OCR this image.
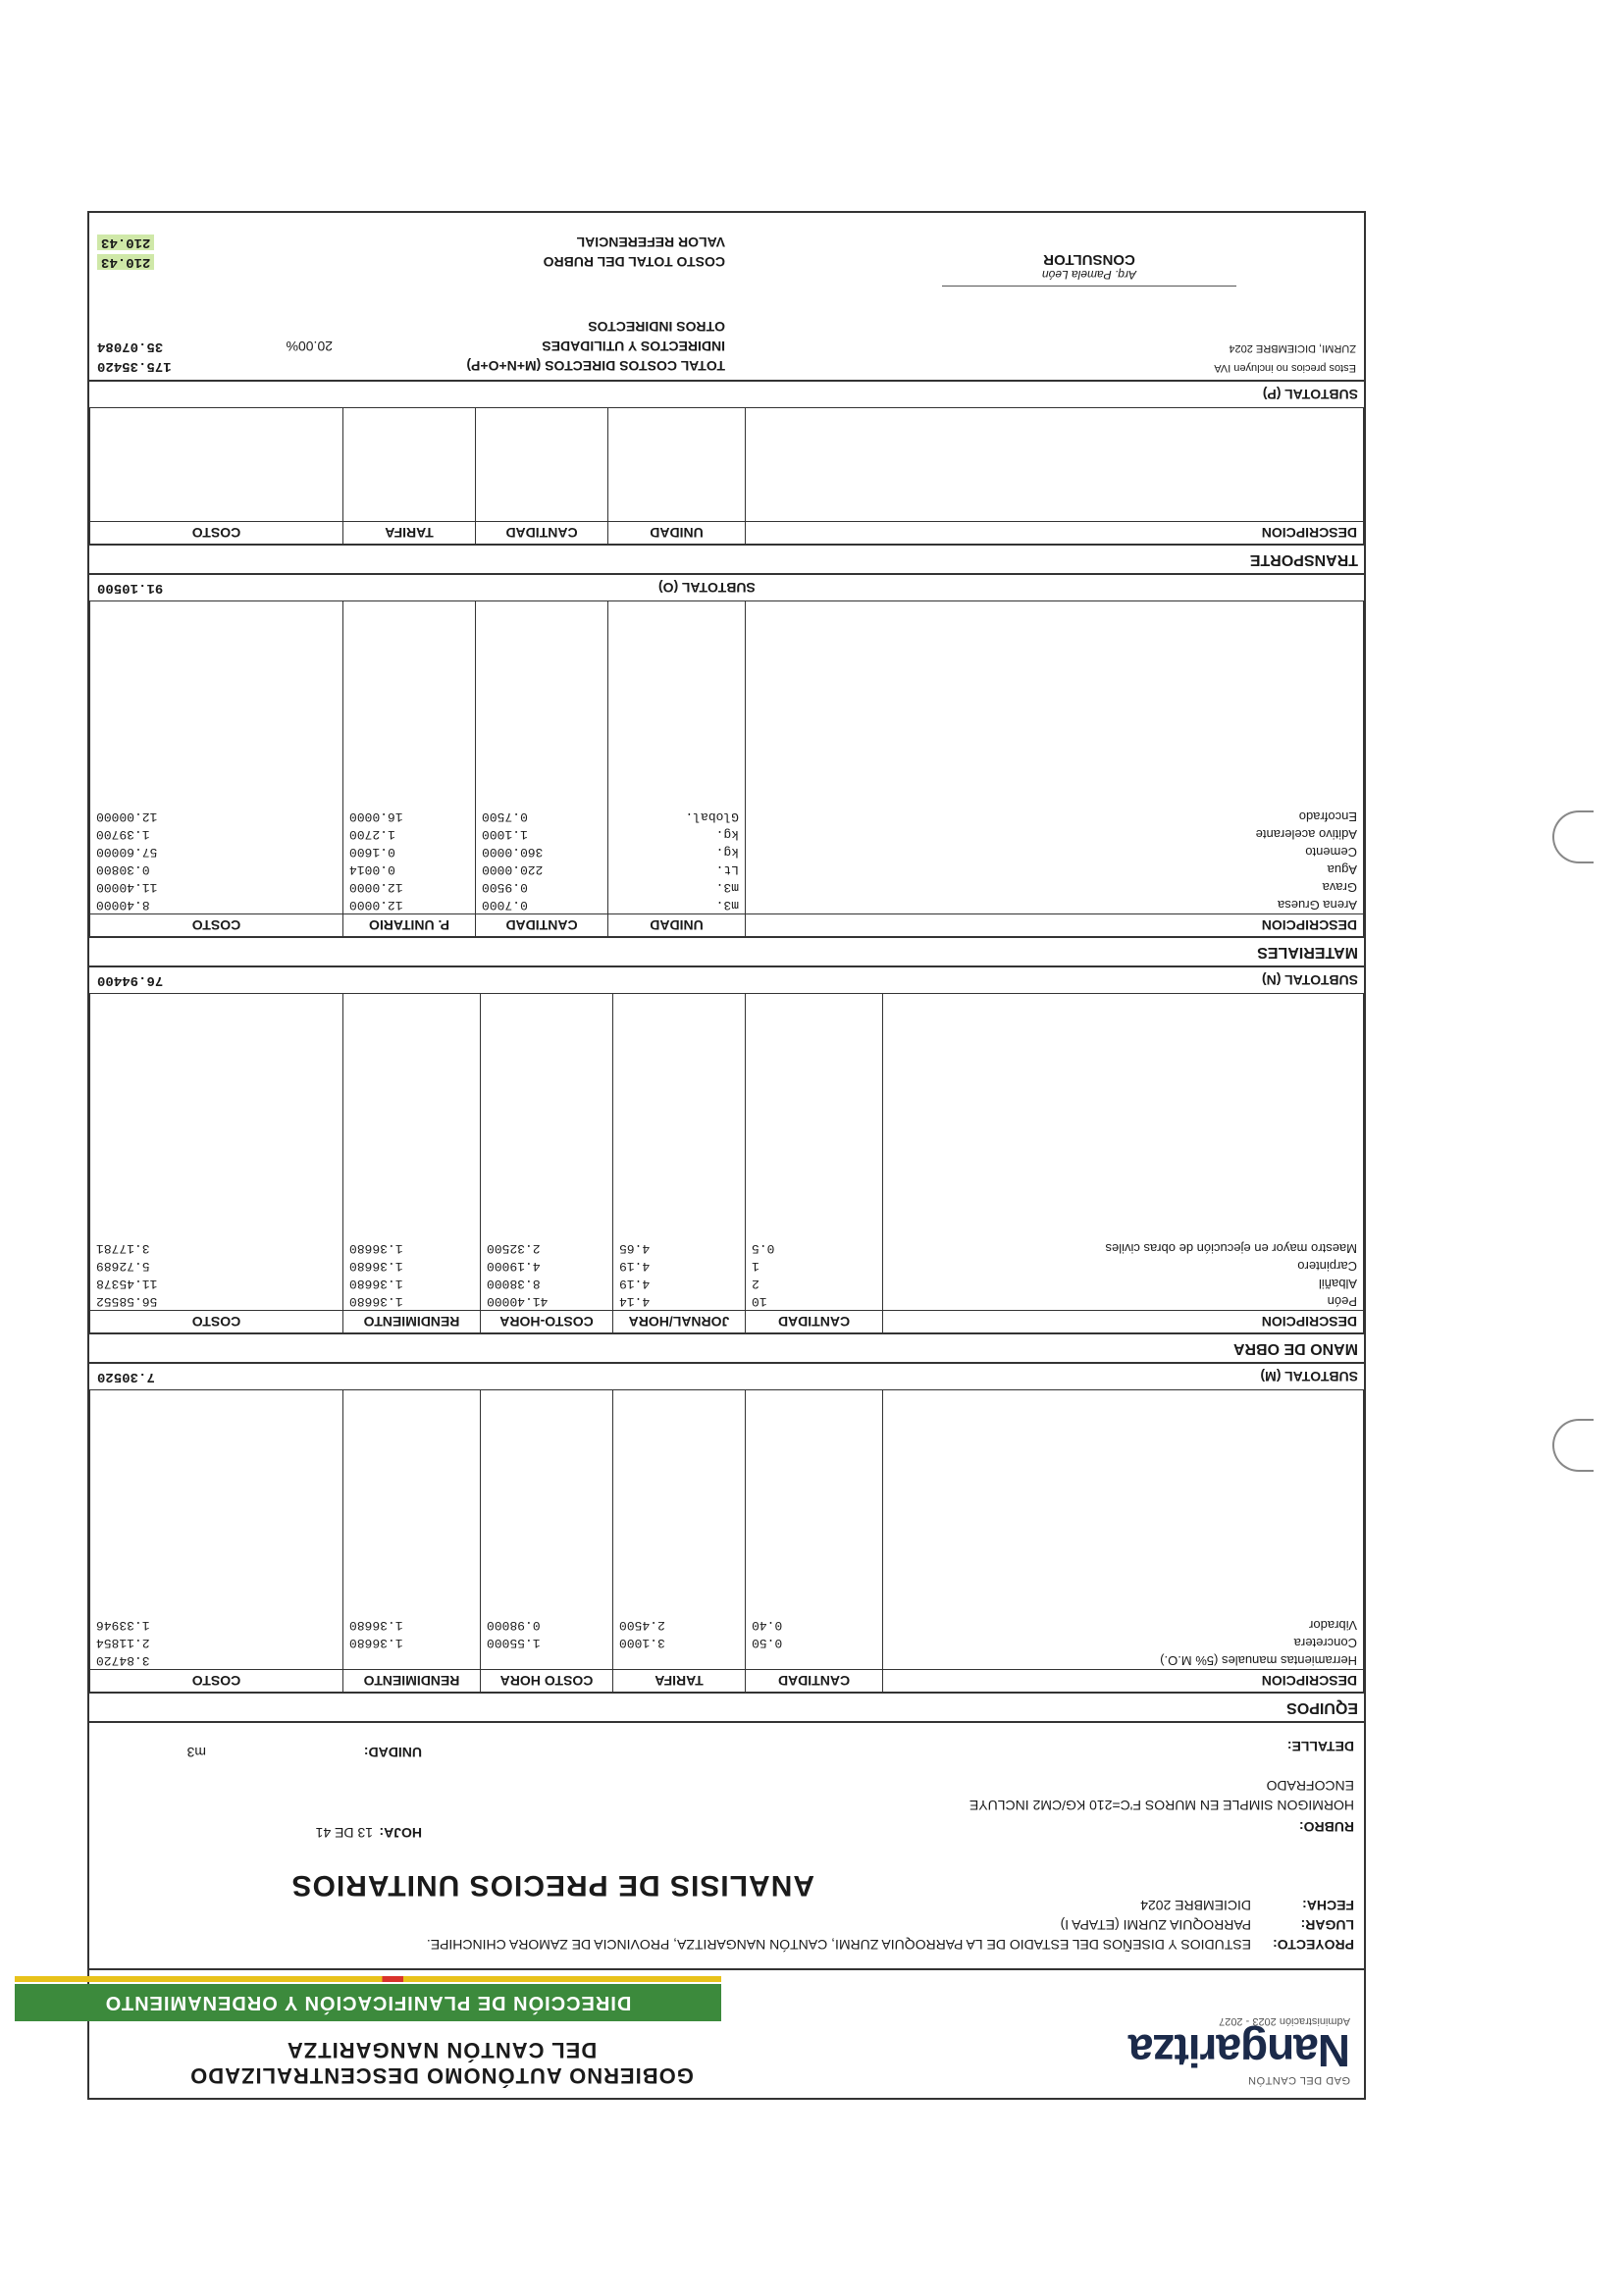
GAD DEL CANTÓN
Nangaritza
Administración 2023 - 2027
GOBIERNO AUTÓNOMO DESCENTRALIZADO
DEL CANTÓN NANGARITZA
DIRECCIÓN DE PLANIFICACIÓN Y ORDENAMIENTO
PROYECTO:
ESTUDIOS Y DISEÑOS DEL ESTADIO DE LA PARROQUIA ZURMI, CANTÓN NANGARITZA, PROVINCIA DE ZAMORA CHINCHIPE.
LUGAR:
PARROQUIA ZURMI (ETAPA I)
FECHA:
DICIEMBRE 2024
ANALISIS DE PRECIOS UNITARIOS
RUBRO:
HOJA:
13 DE 41
HORMIGON SIMPLE EN MUROS F'C=210 KG/CM2 INCLUYE
ENCOFRADO
DETALLE:
UNIDAD:
m3
EQUIPOS
DESCRIPCION	CANTIDAD	TARIFA	COSTO HORA	RENDIMIENTO	COSTO
Herramientas manuales (5% M.O.)					3.84720
Concretera	0.50	3.1000	1.55000	1.36680	2.11854
Vibrador	0.40	2.4500	0.98000	1.36680	1.33946

SUBTOTAL (M)
7.30520
MANO DE OBRA
DESCRIPCION	CANTIDAD	JORNAL/HORA	COSTO-HORA	RENDIMIENTO	COSTO
Peón	10	4.14	41.40000	1.36680	56.58552
Albañil	2	4.19	8.38000	1.36680	11.45378
Carpintero	1	4.19	4.19000	1.36680	5.72689
Maestro mayor en ejecución de obras civiles	0.5	4.65	2.32500	1.36680	3.17781

SUBTOTAL (N)
76.94400
MATERIALES
DESCRIPCION	UNIDAD	CANTIDAD	P. UNITARIO	COSTO
Arena Gruesa	m3.	0.7000	12.0000	8.40000
Grava	m3.	0.9500	12.0000	11.40000
Agua	Lt.	220.0000	0.0014	0.30800
Cemento	kg.	360.0000	0.1600	57.60000
Aditivo acelerante	kg.	1.1000	1.2700	1.39700
Encofrado	Global.	0.7500	16.0000	12.00000

SUBTOTAL (O)
91.10500
TRANSPORTE
DESCRIPCION	UNIDAD	CANTIDAD	TARIFA	COSTO

SUBTOTAL (P)
Estos precios no incluyen IVA
ZURMI, DICIEMBRE 2024
TOTAL COSTOS DIRECTOS (M+N+O+P)
175.35420
INDIRECTOS Y UTILIDADES
20.00%
35.07084
OTROS INDIRECTOS
COSTO TOTAL DEL RUBRO
210.43
VALOR REFERENCIAL
210.43
Arq. Pamela León
CONSULTOR
